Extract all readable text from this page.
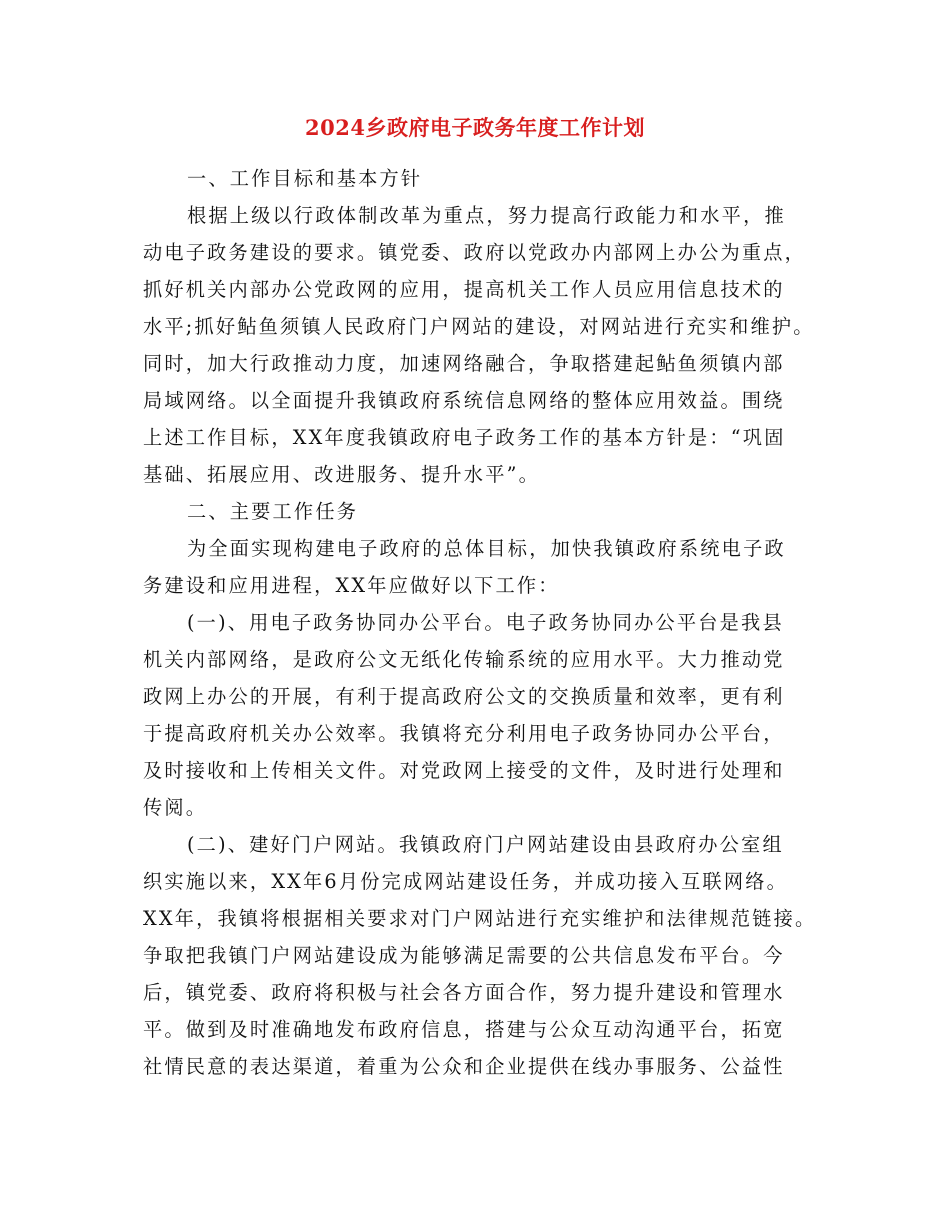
2024乡政府电子政务年度工作计划
一、工作目标和基本方针
根据上级以行政体制改革为重点，努力提高行政能力和水平，推
动电子政务建设的要求。镇党委、政府以党政办内部网上办公为重点，
抓好机关内部办公党政网的应用，提高机关工作人员应用信息技术的
水平;抓好鲇鱼须镇人民政府门户网站的建设，对网站进行充实和维护。
同时，加大行政推动力度，加速网络融合，争取搭建起鲇鱼须镇内部
局域网络。以全面提升我镇政府系统信息网络的整体应用效益。围绕
上述工作目标，XX年度我镇政府电子政务工作的基本方针是：“巩固
基础、拓展应用、改进服务、提升水平”。
二、主要工作任务
为全面实现构建电子政府的总体目标，加快我镇政府系统电子政
务建设和应用进程，XX年应做好以下工作：
(一)、用电子政务协同办公平台。电子政务协同办公平台是我县
机关内部网络，是政府公文无纸化传输系统的应用水平。大力推动党
政网上办公的开展，有利于提高政府公文的交换质量和效率，更有利
于提高政府机关办公效率。我镇将充分利用电子政务协同办公平台，
及时接收和上传相关文件。对党政网上接受的文件，及时进行处理和
传阅。
(二)、建好门户网站。我镇政府门户网站建设由县政府办公室组
织实施以来，XX年6月份完成网站建设任务，并成功接入互联网络。
XX年，我镇将根据相关要求对门户网站进行充实维护和法律规范链接。
争取把我镇门户网站建设成为能够满足需要的公共信息发布平台。今
后，镇党委、政府将积极与社会各方面合作，努力提升建设和管理水
平。做到及时准确地发布政府信息，搭建与公众互动沟通平台，拓宽
社情民意的表达渠道，着重为公众和企业提供在线办事服务、公益性
